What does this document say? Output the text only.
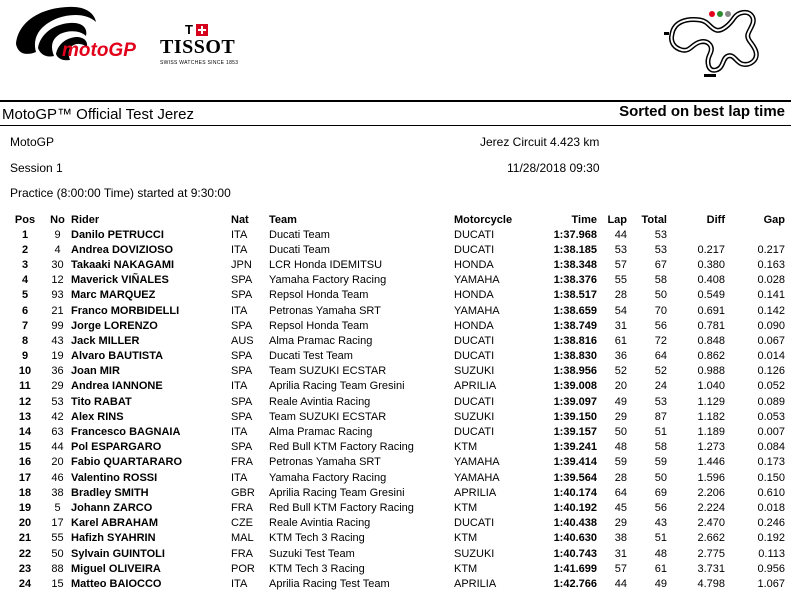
motoGP
T
TISSOT
SWISS WATCHES SINCE 1853
MotoGP™ Official Test Jerez	Sorted on best lap time
MotoGP	Jerez Circuit 4.423 km
Session 1	11/28/2018 09:30
Practice (8:00:00 Time) started at 9:30:00
Pos	No	Rider	Nat	Team	Motorcycle	Time	Lap	Total	Diff	Gap
1	9	Danilo PETRUCCI	ITA	Ducati Team	DUCATI	1:37.968	44	53		
2	4	Andrea DOVIZIOSO	ITA	Ducati Team	DUCATI	1:38.185	53	53	0.217	0.217
3	30	Takaaki NAKAGAMI	JPN	LCR Honda IDEMITSU	HONDA	1:38.348	57	67	0.380	0.163
4	12	Maverick VIÑALES	SPA	Yamaha Factory Racing	YAMAHA	1:38.376	55	58	0.408	0.028
5	93	Marc MARQUEZ	SPA	Repsol Honda Team	HONDA	1:38.517	28	50	0.549	0.141
6	21	Franco MORBIDELLI	ITA	Petronas Yamaha SRT	YAMAHA	1:38.659	54	70	0.691	0.142
7	99	Jorge LORENZO	SPA	Repsol Honda Team	HONDA	1:38.749	31	56	0.781	0.090
8	43	Jack MILLER	AUS	Alma Pramac Racing	DUCATI	1:38.816	61	72	0.848	0.067
9	19	Alvaro BAUTISTA	SPA	Ducati Test Team	DUCATI	1:38.830	36	64	0.862	0.014
10	36	Joan MIR	SPA	Team SUZUKI ECSTAR	SUZUKI	1:38.956	52	52	0.988	0.126
11	29	Andrea IANNONE	ITA	Aprilia Racing Team Gresini	APRILIA	1:39.008	20	24	1.040	0.052
12	53	Tito RABAT	SPA	Reale Avintia Racing	DUCATI	1:39.097	49	53	1.129	0.089
13	42	Alex RINS	SPA	Team SUZUKI ECSTAR	SUZUKI	1:39.150	29	87	1.182	0.053
14	63	Francesco BAGNAIA	ITA	Alma Pramac Racing	DUCATI	1:39.157	50	51	1.189	0.007
15	44	Pol ESPARGARO	SPA	Red Bull KTM Factory Racing	KTM	1:39.241	48	58	1.273	0.084
16	20	Fabio QUARTARARO	FRA	Petronas Yamaha SRT	YAMAHA	1:39.414	59	59	1.446	0.173
17	46	Valentino ROSSI	ITA	Yamaha Factory Racing	YAMAHA	1:39.564	28	50	1.596	0.150
18	38	Bradley SMITH	GBR	Aprilia Racing Team Gresini	APRILIA	1:40.174	64	69	2.206	0.610
19	5	Johann ZARCO	FRA	Red Bull KTM Factory Racing	KTM	1:40.192	45	56	2.224	0.018
20	17	Karel ABRAHAM	CZE	Reale Avintia Racing	DUCATI	1:40.438	29	43	2.470	0.246
21	55	Hafizh SYAHRIN	MAL	KTM Tech 3 Racing	KTM	1:40.630	38	51	2.662	0.192
22	50	Sylvain GUINTOLI	FRA	Suzuki Test Team	SUZUKI	1:40.743	31	48	2.775	0.113
23	88	Miguel OLIVEIRA	POR	KTM Tech 3 Racing	KTM	1:41.699	57	61	3.731	0.956
24	15	Matteo BAIOCCO	ITA	Aprilia Racing Test Team	APRILIA	1:42.766	44	49	4.798	1.067
